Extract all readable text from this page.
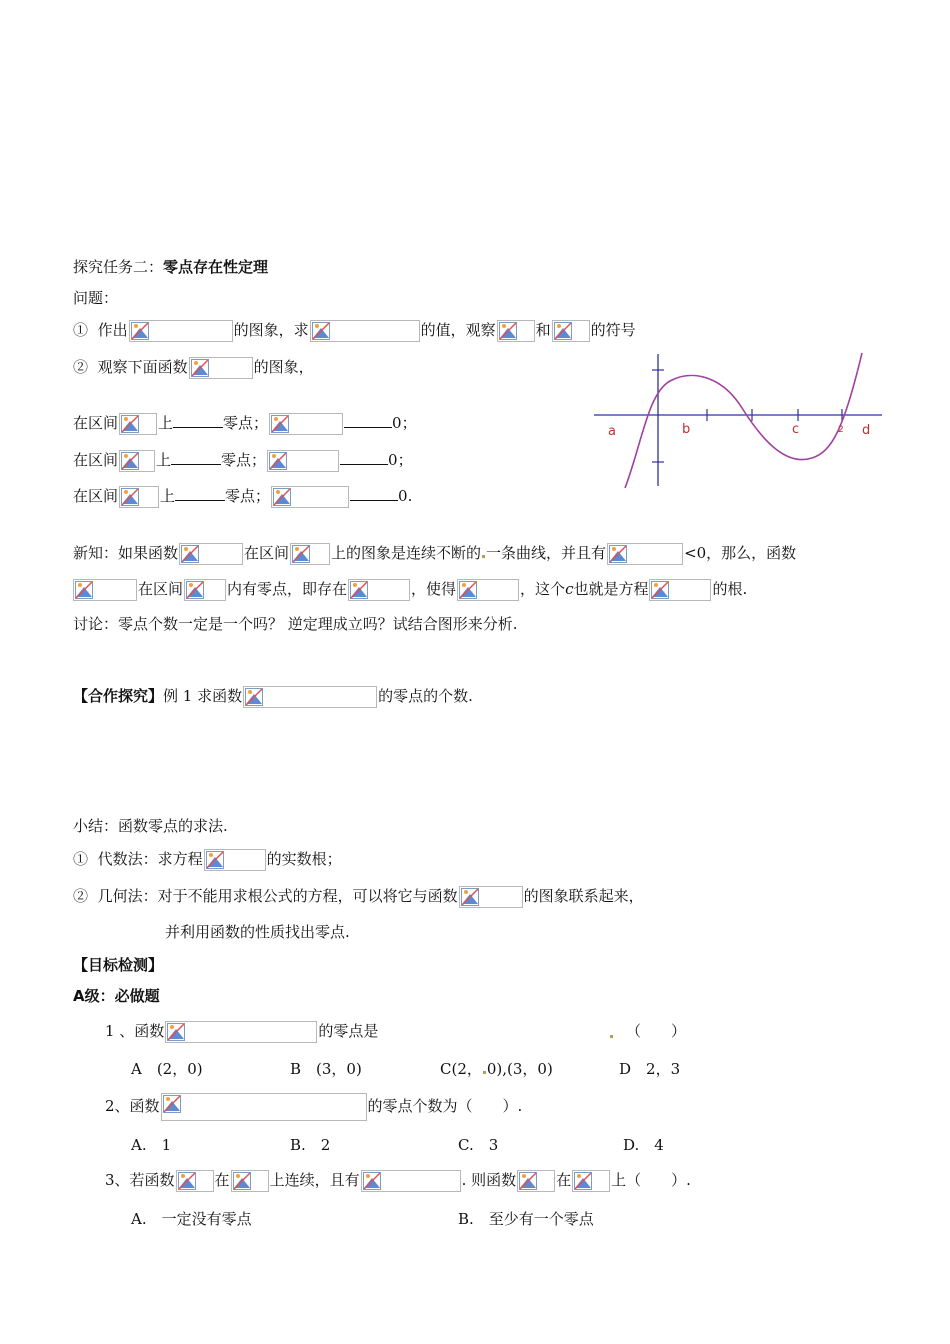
探究任务二：零点存在性定理
问题：
① 作出	的图象，求	的值，观察	和	的符号
② 观察下面函数	的图象，
在区间	上	零点；	0；
在区间	上	零点；	0；
在区间	上	零点；	0.
a	b	c	d
2
新知：如果函数	在区间	上的图象是连续不断的 一条曲线，并且有	<0，那么，函数
在区间	内有零点，即存在	，使得	，这个c也就是方程	的根.
讨论：零点个数一定是一个吗？ 逆定理成立吗？试结合图形来分析.
【合作探究】例 1 求函数	的零点的个数.
小结：函数零点的求法.
① 代数法：求方程	的实数根；
② 几何法：对于不能用求根公式的方程，可以将它与函数	的图象联系起来，
并利用函数的性质找出零点.
【目标检测】
A级：必做题
1 、函数	的零点是	（　　）
A　(2，0)	B　(3，0)	C(2， 0),(3，0)	D　2，3
2、函数	的零点个数为（　　）.
A.　1	B.　2	C.　3	D.　4
3、若函数	在	上连续，且有	. 则函数	在	上（　　）.
A.　一定没有零点	B.　至少有一个零点
